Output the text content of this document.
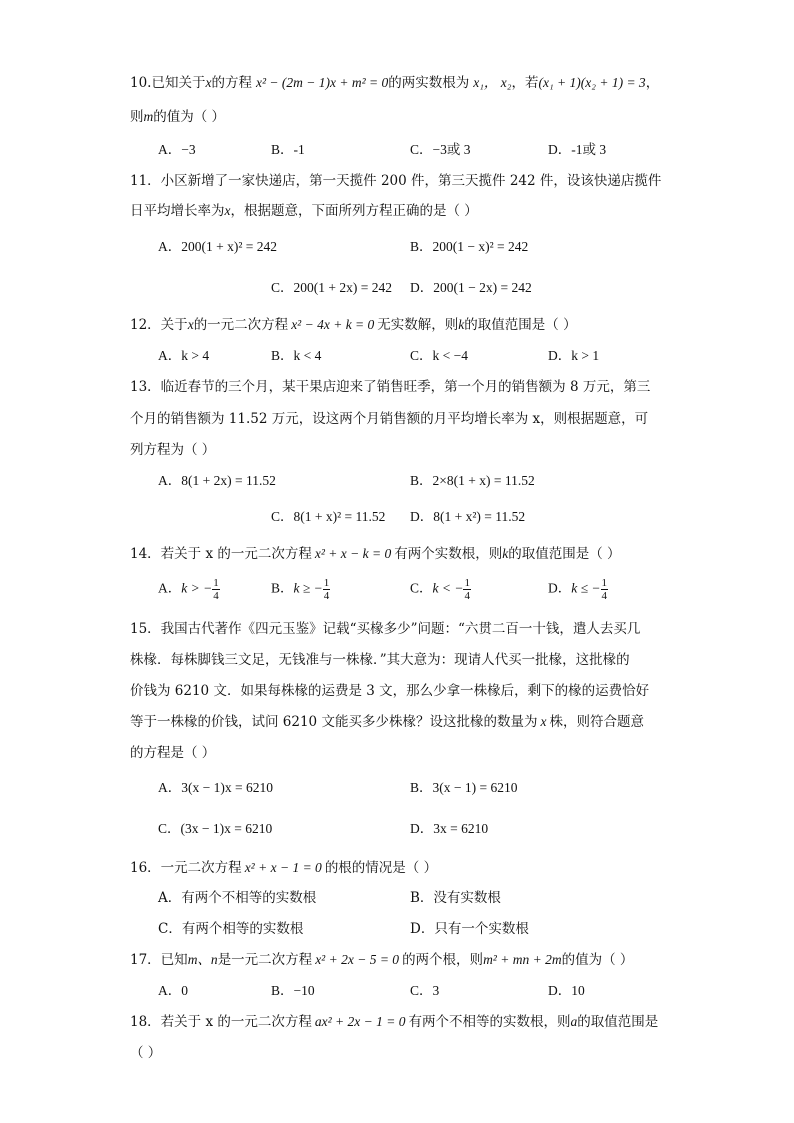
10.已知关于x的方程 x² − (2m − 1)x + m² = 0的两实数根为 x₁， x₂，若(x₁ + 1)(x₂ + 1) = 3，
则m的值为（ ）
A．−3	B．-1	C．−3或 3	D．-1或 3
11．小区新增了一家快递店，第一天揽件 200 件，第三天揽件 242 件，设该快递店揽件
日平均增长率为x，根据题意，下面所列方程正确的是（ ）
A．200(1 + x)² = 242	B．200(1 − x)² = 242
C．200(1 + 2x) = 242 D．200(1 − 2x) = 242
12．关于x的一元二次方程 x² − 4x + k = 0 无实数解，则k的取值范围是（ ）
A．k > 4	B．k < 4	C．k < −4	D．k > 1
13．临近春节的三个月，某干果店迎来了销售旺季，第一个月的销售额为 8 万元，第三
个月的销售额为 11.52 万元，设这两个月销售额的月平均增长率为 x，则根据题意，可
列方程为（ ）
A．8(1 + 2x) = 11.52	B．2×8(1 + x) = 11.52
C．8(1 + x)² = 11.52 D．8(1 + x²) = 11.52
14．若关于 x 的一元二次方程 x² + x − k = 0 有两个实数根，则k的取值范围是（ ）
A．k > − $\frac{1}{4}$	B．k ≥ − $\frac{1}{4}$	C．k < − $\frac{1}{4}$	D．k ≤ − $\frac{1}{4}$
15．我国古代著作《四元玉鉴》记载“买椽多少”问题：“六贯二百一十钱，遣人去买几
株椽．每株脚钱三文足，无钱准与一株椽．”其大意为：现请人代买一批椽，这批椽的
价钱为 6210 文．如果每株椽的运费是 3 文，那么少拿一株椽后，剩下的椽的运费恰好
等于一株椽的价钱，试问 6210 文能买多少株椽？设这批椽的数量为 x 株，则符合题意
的方程是（ ）
A．3(x − 1)x = 6210	B．3(x − 1) = 6210
C．(3x − 1)x = 6210	D．3x = 6210
16．一元二次方程 x² + x − 1 = 0 的根的情况是（ ）
A．有两个不相等的实数根	B．没有实数根
C．有两个相等的实数根	D．只有一个实数根
17．已知m、n是一元二次方程 x² + 2x − 5 = 0 的两个根，则m² + mn + 2m的值为（ ）
A．0	B．−10	C．3	D．10
18．若关于 x 的一元二次方程 ax² + 2x − 1 = 0 有两个不相等的实数根，则a的取值范围是
（ ）
